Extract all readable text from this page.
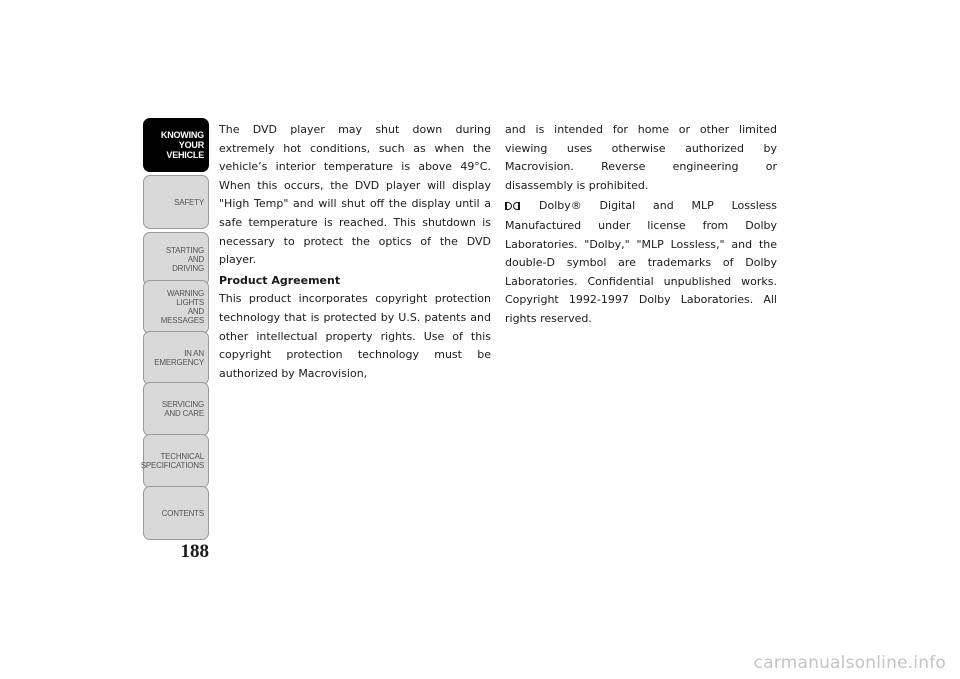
KNOWING
YOUR
VEHICLE
SAFETY
STARTING
AND
DRIVING
WARNING
LIGHTS
AND
MESSAGES
IN AN
EMERGENCY
SERVICING
AND CARE
TECHNICAL
SPECIFICATIONS
CONTENTS
188

The DVD player may shut down during extremely hot conditions, such as when the vehicle’s interior temperature is above 49°C. When this occurs, the DVD player will display "High Temp" and will shut off the display until a safe temperature is reached. This shutdown is necessary to protect the optics of the DVD player.

Product Agreement

This product incorporates copyright protection technology that is protected by U.S. patents and other intellectual property rights. Use of this copyright protection technology must be authorized by Macrovision,

and is intended for home or other limited viewing uses otherwise authorized by Macrovision. Reverse engineering or disassembly is prohibited.

Dolby® Digital and MLP Lossless Manufactured under license from Dolby Laboratories. "Dolby," "MLP Lossless," and the double-D symbol are trademarks of Dolby Laboratories. Confidential unpublished works. Copyright 1992-1997 Dolby Laboratories. All rights reserved.

carmanualsonline.info
